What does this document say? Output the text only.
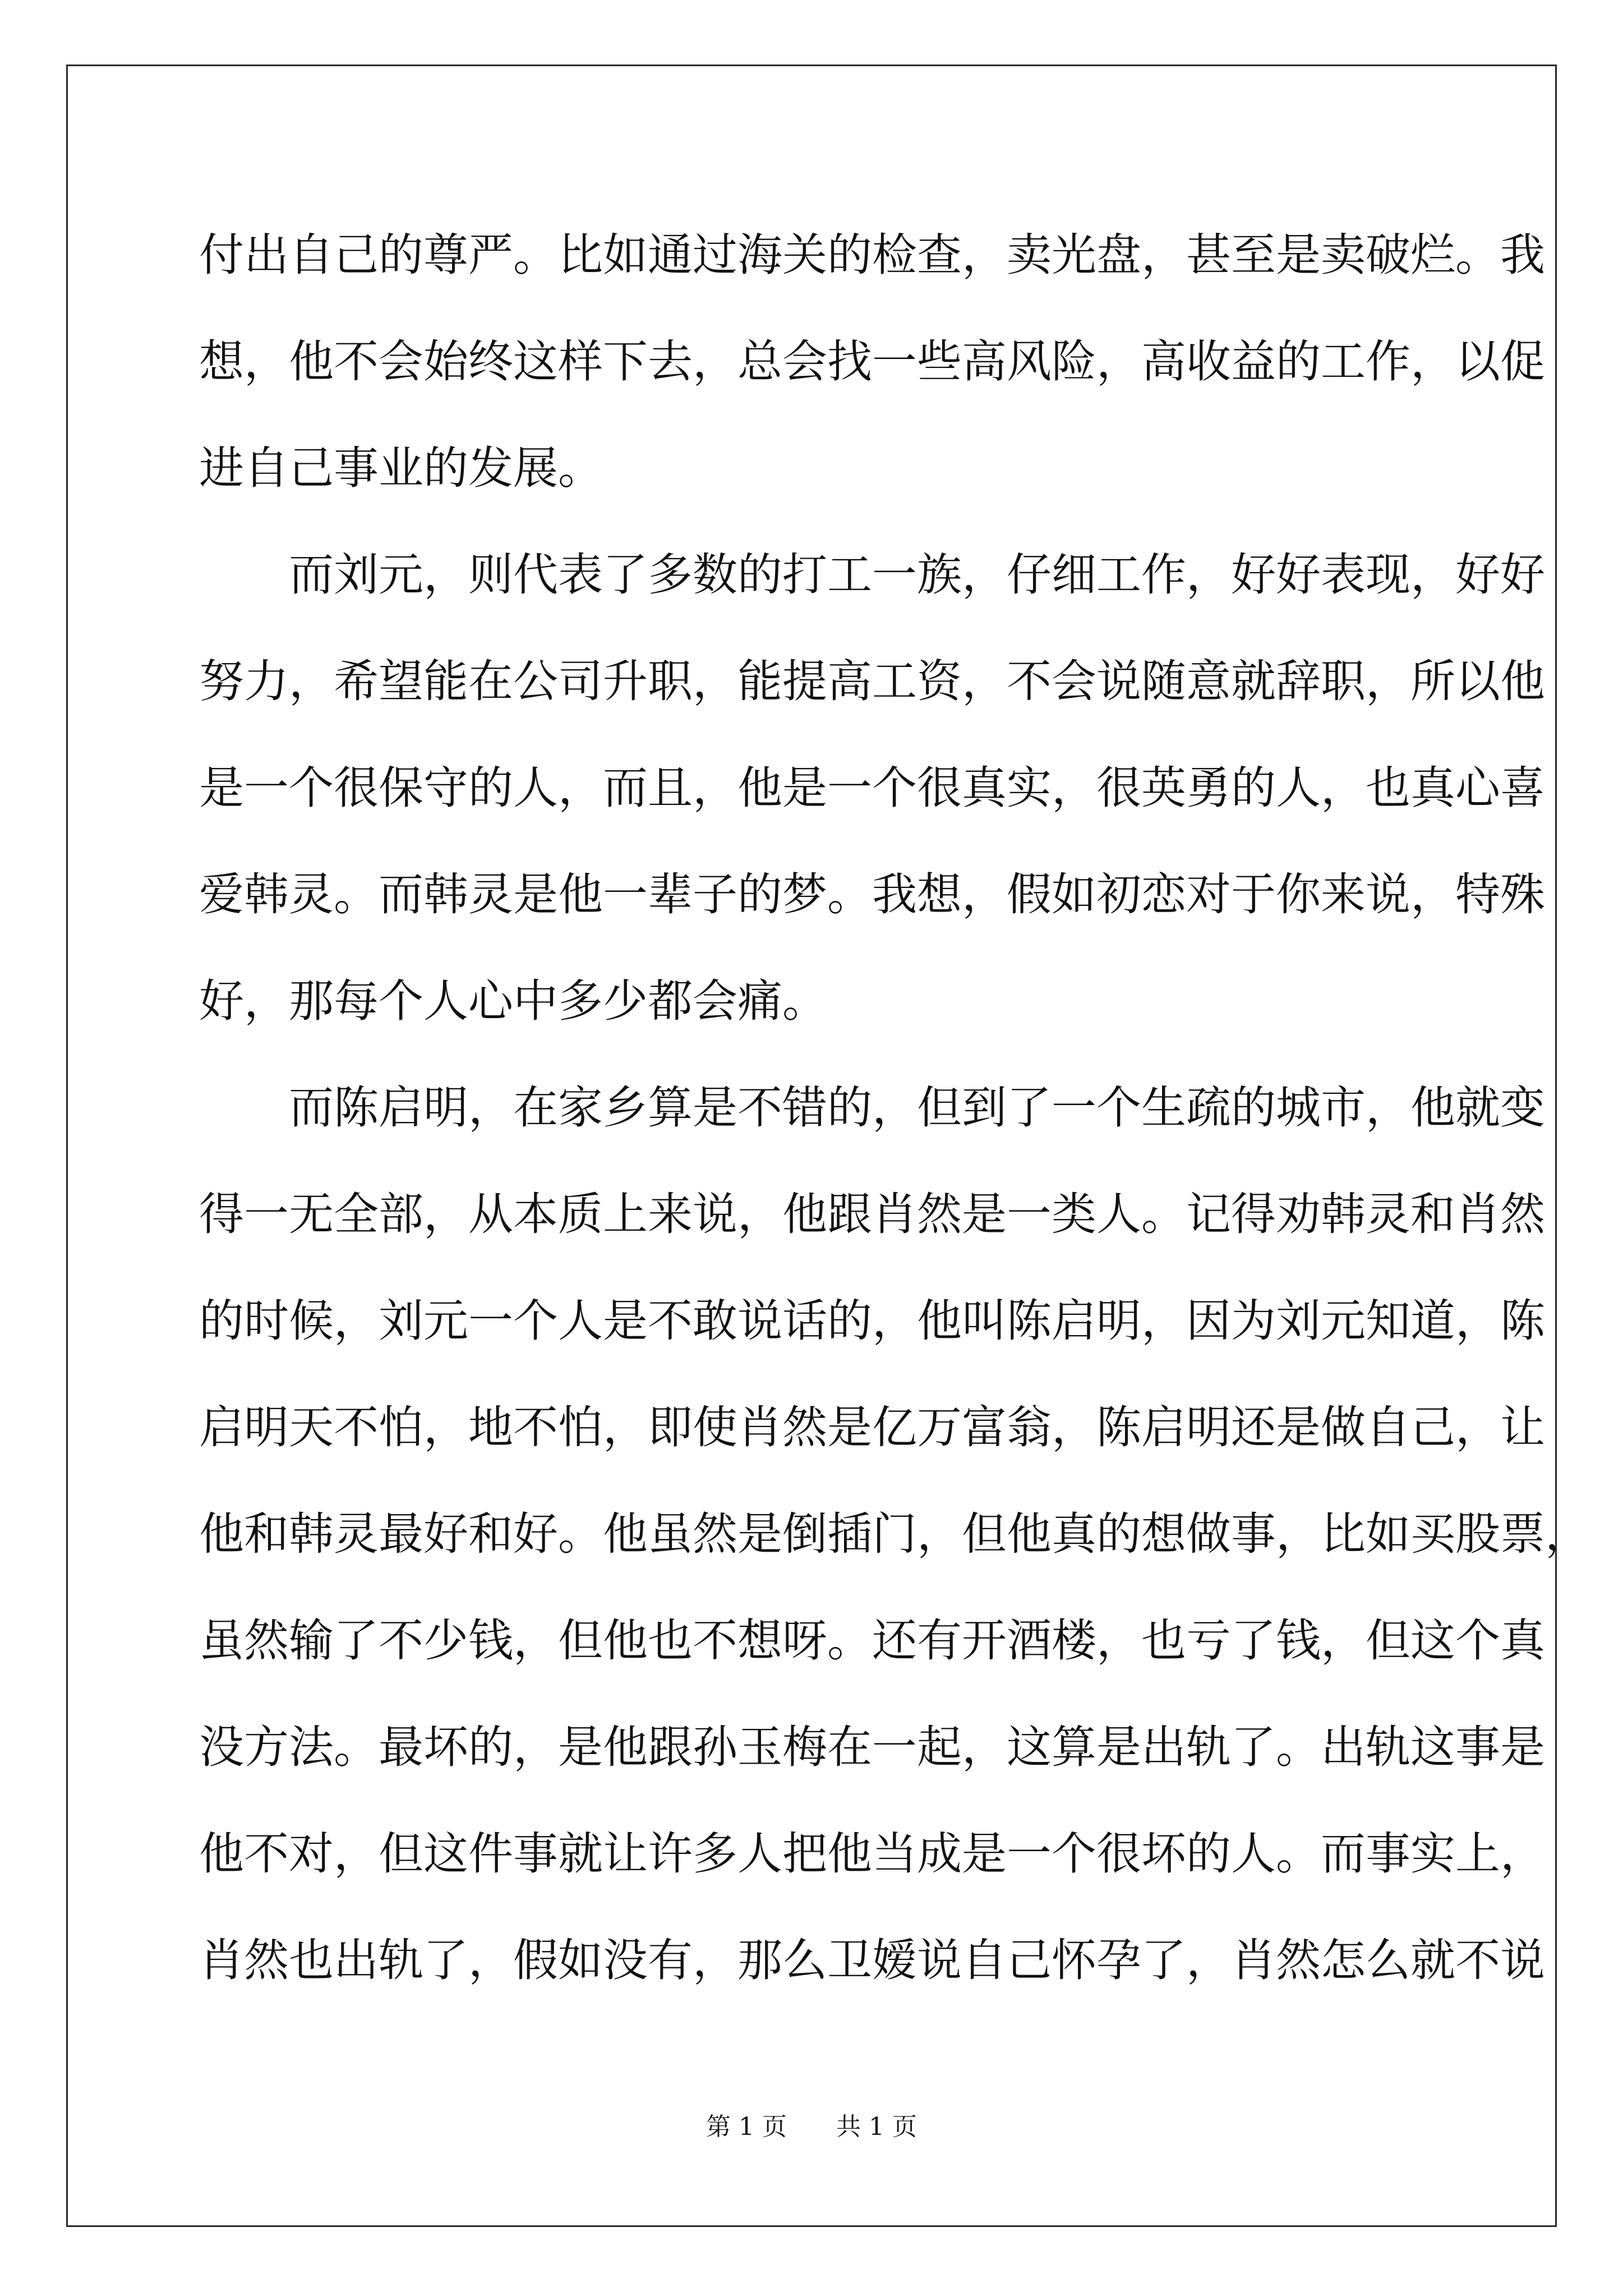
付出自己的尊严。比如通过海关的检查，卖光盘，甚至是卖破烂。我
想，他不会始终这样下去，总会找一些高风险，高收益的工作，以促
进自己事业的发展。

而刘元，则代表了多数的打工一族，仔细工作，好好表现，好好
努力，希望能在公司升职，能提高工资，不会说随意就辞职，所以他
是一个很保守的人，而且，他是一个很真实，很英勇的人，也真心喜
爱韩灵。而韩灵是他一辈子的梦。我想，假如初恋对于你来说，特殊
好，那每个人心中多少都会痛。

而陈启明，在家乡算是不错的，但到了一个生疏的城市，他就变
得一无全部，从本质上来说，他跟肖然是一类人。记得劝韩灵和肖然
的时候，刘元一个人是不敢说话的，他叫陈启明，因为刘元知道，陈
启明天不怕，地不怕，即使肖然是亿万富翁，陈启明还是做自己，让
他和韩灵最好和好。他虽然是倒插门，但他真的想做事，比如买股票，
虽然输了不少钱，但他也不想呀。还有开酒楼，也亏了钱，但这个真
没方法。最坏的，是他跟孙玉梅在一起，这算是出轨了。出轨这事是
他不对，但这件事就让许多人把他当成是一个很坏的人。而事实上，
肖然也出轨了，假如没有，那么卫嫒说自己怀孕了，肖然怎么就不说

第 1 页 共 1 页
